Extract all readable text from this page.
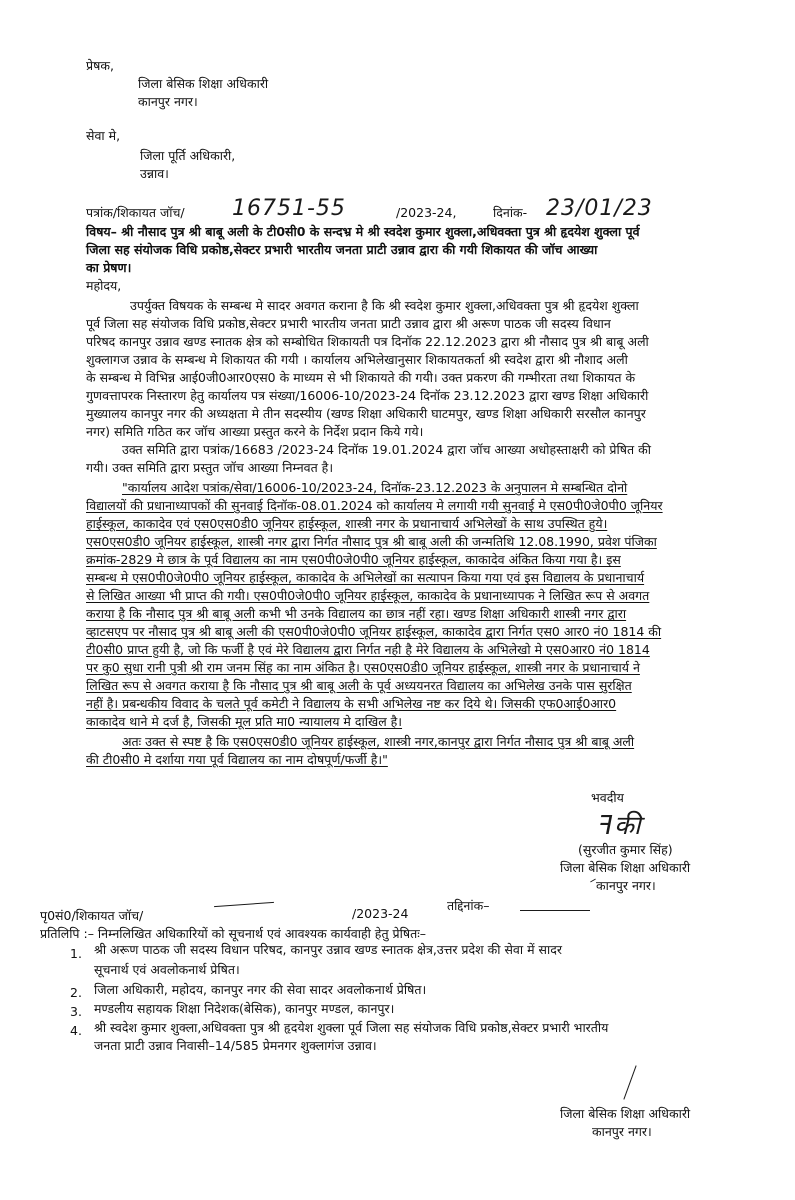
प्रेषक,
जिला बेसिक शिक्षा अधिकारी
कानपुर नगर।
सेवा मे,
जिला पूर्ति अधिकारी,
उन्नाव।
पत्रांक/शिकायत जॉच/ 16751-55	/2023-24,	दिनांक- 23/01/23
विषय– श्री नौसाद पुत्र श्री बाबू अली के टी0सी0 के सन्दभ्र मे श्री स्वदेश कुमार शुक्ला,अधिवक्ता पुत्र श्री हृदयेश शुक्ला पूर्व
जिला सह संयोजक विधि प्रकोष्ठ,सेक्टर प्रभारी भारतीय जनता प्राटी उन्नाव द्वारा की गयी शिकायत की जॉच आख्या
का प्रेषण।
महोदय,
उपर्युक्त विषयक के सम्बन्ध मे सादर अवगत कराना है कि श्री स्वदेश कुमार शुक्ला,अधिवक्ता पुत्र श्री हृदयेश शुक्ला
पूर्व जिला सह संयोजक विधि प्रकोष्ठ,सेक्टर प्रभारी भारतीय जनता प्राटी उन्नाव द्वारा श्री अरूण पाठक जी सदस्य विधान
परिषद कानपुर उन्नाव खण्ड स्नातक क्षेत्र को सम्बोधित शिकायती पत्र दिनॉक 22.12.2023 द्वारा श्री नौसाद पुत्र श्री बाबू अली
शुक्लागज उन्नाव के सम्बन्ध मे शिकायत की गयी । कार्यालय अभिलेखानुसार शिकायतकर्ता श्री स्वदेश द्वारा श्री नौशाद अली
के सम्बन्ध मे विभिन्न आई0जी0आर0एस0 के माध्यम से भी शिकायते की गयी। उक्त प्रकरण की गम्भीरता तथा शिकायत के
गुणवत्तापरक निस्तारण हेतु कार्यालय पत्र संख्या/16006-10/2023-24 दिनॉक 23.12.2023 द्वारा खण्ड शिक्षा अधिकारी
मुख्यालय कानपुर नगर की अध्यक्षता मे तीन सदस्यीय (खण्ड शिक्षा अधिकारी घाटमपुर, खण्ड शिक्षा अधिकारी सरसौल कानपुर
नगर) समिति गठित कर जॉच आख्या प्रस्तुत करने के निर्देश प्रदान किये गये।
उक्त समिति द्वारा पत्रांक/16683 /2023-24 दिनॉक 19.01.2024 द्वारा जॉच आख्या अधोहस्ताक्षरी को प्रेषित की
गयी। उक्त समिति द्वारा प्रस्तुत जॉच आख्या निम्नवत है।
"कार्यालय आदेश पत्रांक/सेवा/16006-10/2023-24, दिनॉक-23.12.2023 के अनुपालन मे सम्बन्धित दोनो
विद्यालयों की प्रधानाध्यापकों की सुनवाई दिनॉक-08.01.2024 को कार्यालय मे लगायी गयी सुनवाई मे एस0पी0जे0पी0 जूनियर
हाईस्कूल, काकादेव एवं एस0एस0डी0 जूनियर हाईस्कूल, शास्त्री नगर के प्रधानाचार्य अभिलेखों के साथ उपस्थित हुये।
एस0एस0डी0 जूनियर हाईस्कूल, शास्त्री नगर द्वारा निर्गत नौसाद पुत्र श्री बाबू अली की जन्मतिथि 12.08.1990, प्रवेश पंजिका
क्रमांक-2829 मे छात्र के पूर्व विद्यालय का नाम एस0पी0जे0पी0 जूनियर हाईस्कूल, काकादेव अंकित किया गया है। इस
सम्बन्ध मे एस0पी0जे0पी0 जूनियर हाईस्कूल, काकादेव के अभिलेखों का सत्यापन किया गया एवं इस विद्यालय के प्रधानाचार्य
से लिखित आख्या भी प्राप्त की गयी। एस0पी0जे0पी0 जूनियर हाईस्कूल, काकादेव के प्रधानाध्यापक ने लिखित रूप से अवगत
कराया है कि नौसाद पुत्र श्री बाबू अली कभी भी उनके विद्यालय का छात्र नहीं रहा। खण्ड शिक्षा अधिकारी शास्त्री नगर द्वारा
व्हाटसएप पर नौसाद पुत्र श्री बाबू अली की एस0पी0जे0पी0 जूनियर हाईस्कूल, काकादेव द्वारा निर्गत एस0 आर0 नं0 1814 की
टी0सी0 प्राप्त हुयी है, जो कि फर्जी है एवं मेरे विद्यालय द्वारा निर्गत नही है मेरे विद्यालय के अभिलेखो मे एस0आर0 नं0 1814
पर कु0 सुधा रानी पुत्री श्री राम जनम सिंह का नाम अंकित है। एस0एस0डी0 जूनियर हाईस्कूल, शास्त्री नगर के प्रधानाचार्य ने
लिखित रूप से अवगत कराया है कि नौसाद पुत्र श्री बाबू अली के पूर्व अध्ययनरत विद्यालय का अभिलेख उनके पास सुरक्षित
नहीं है। प्रबन्धकीय विवाद के चलते पूर्व कमेटी ने विद्यालय के सभी अभिलेख नष्ट कर दिये थे। जिसकी एफ0आई0आर0
काकादेव थाने मे दर्ज है, जिसकी मूल प्रति मा0 न्यायालय मे दाखिल है।
अतः उक्त से स्पष्ट है कि एस0एस0डी0 जूनियर हाईस्कूल, शास्त्री नगर,कानपुर द्वारा निर्गत नौसाद पुत्र श्री बाबू अली
की टी0सी0 मे दर्शाया गया पूर्व विद्यालय का नाम दोषपूर्ण/फर्जी है।"
भवदीय
ꟻकी
(सुरजीत कुमार सिंह)
जिला बेसिक शिक्षा अधिकारी
कानपुर नगर।
पृ0सं0/शिकायत जॉच/	/2023-24
तद्दिनांक–
प्रतिलिपि :– निम्नलिखित अधिकारियों को सूचनार्थ एवं आवश्यक कार्यवाही हेतु प्रेषितः–
1. श्री अरूण पाठक जी सदस्य विधान परिषद, कानपुर उन्नाव खण्ड स्नातक क्षेत्र,उत्तर प्रदेश की सेवा में सादर
सूचनार्थ एवं अवलोकनार्थ प्रेषित।
2. जिला अधिकारी, महोदय, कानपुर नगर की सेवा सादर अवलोकनार्थ प्रेषित।
3. मण्डलीय सहायक शिक्षा निदेशक(बेसिक), कानपुर मण्डल, कानपुर।
4. श्री स्वदेश कुमार शुक्ला,अधिवक्ता पुत्र श्री हृदयेश शुक्ला पूर्व जिला सह संयोजक विधि प्रकोष्ठ,सेक्टर प्रभारी भारतीय
जनता प्राटी उन्नाव निवासी–14/585 प्रेमनगर शुक्लागंज उन्नाव।
जिला बेसिक शिक्षा अधिकारी
कानपुर नगर।
